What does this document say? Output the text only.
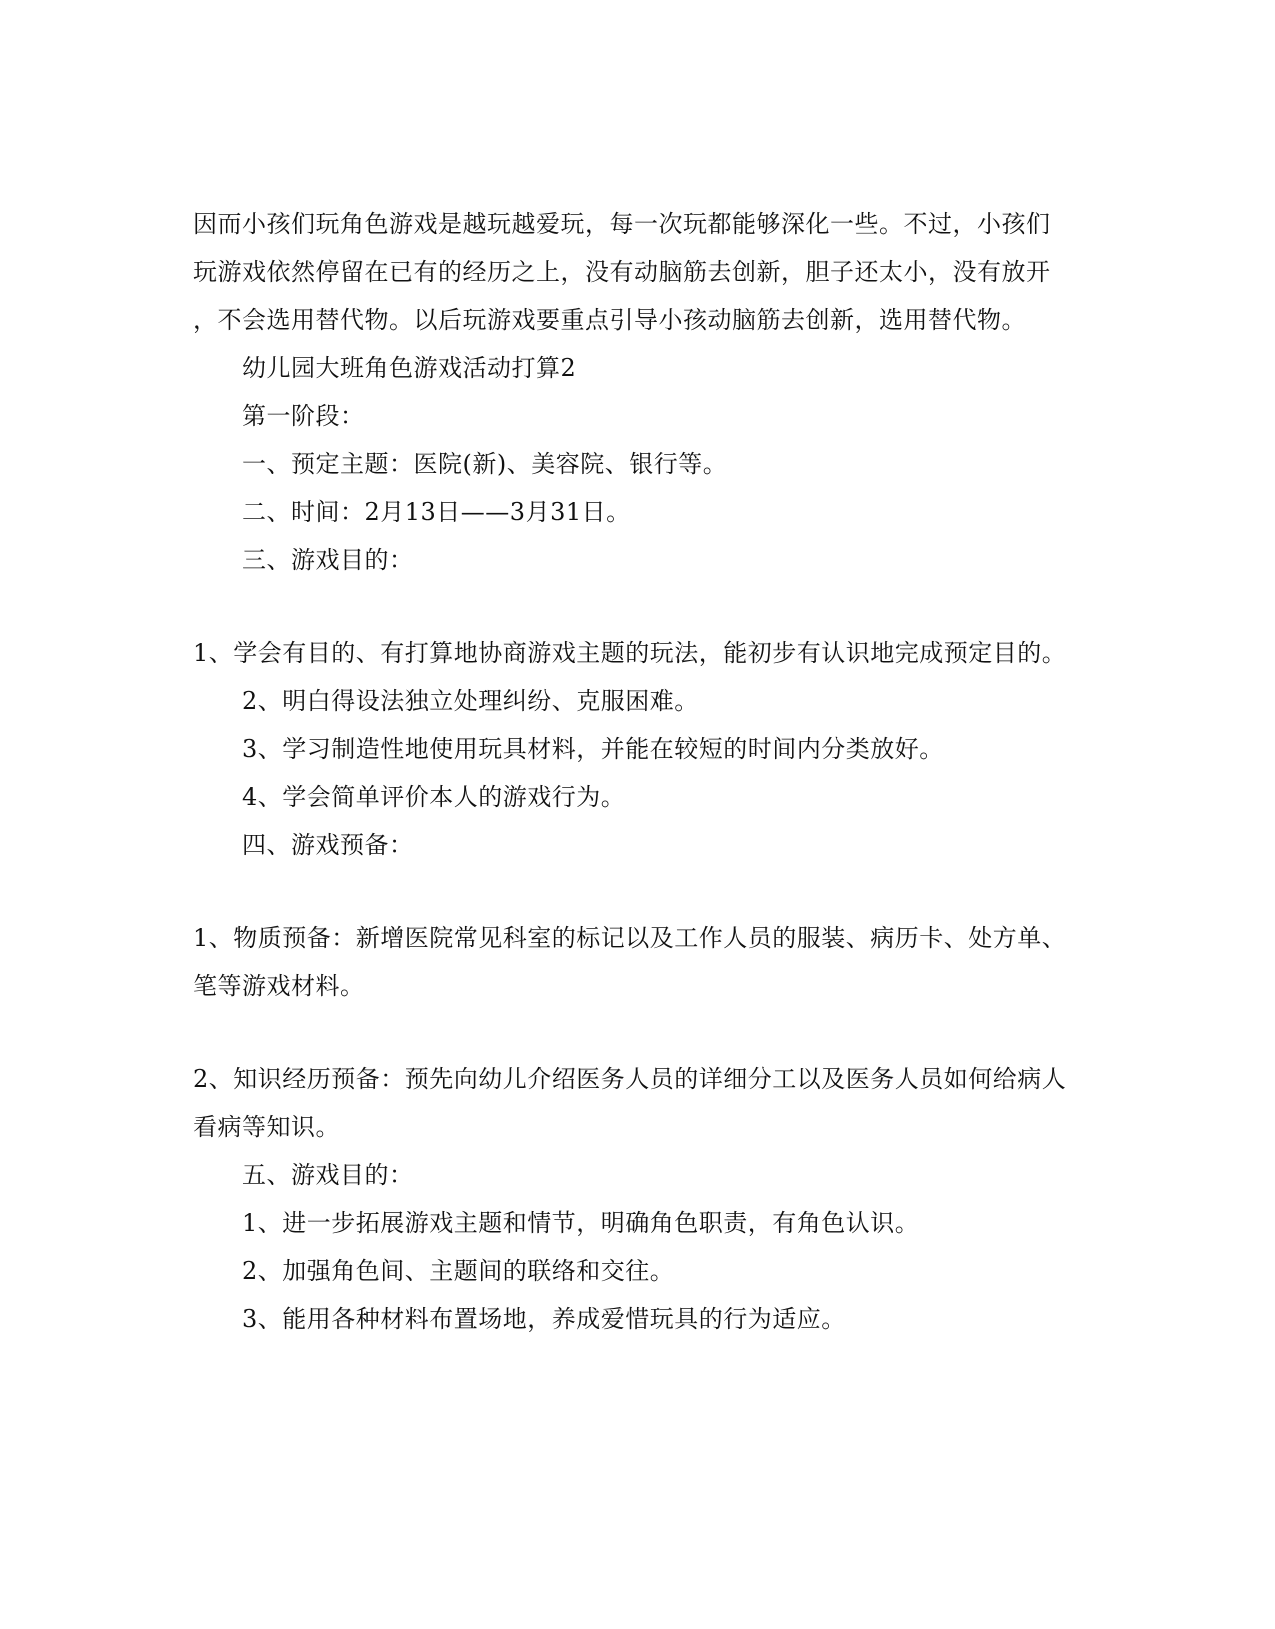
因而小孩们玩角色游戏是越玩越爱玩，每一次玩都能够深化一些。不过，小孩们
玩游戏依然停留在已有的经历之上，没有动脑筋去创新，胆子还太小，没有放开
，不会选用替代物。以后玩游戏要重点引导小孩动脑筋去创新，选用替代物。
幼儿园大班角色游戏活动打算2
第一阶段：
一、预定主题：医院(新)、美容院、银行等。
二、时间：2月13日——3月31日。
三、游戏目的：
1、学会有目的、有打算地协商游戏主题的玩法，能初步有认识地完成预定目的。
2、明白得设法独立处理纠纷、克服困难。
3、学习制造性地使用玩具材料，并能在较短的时间内分类放好。
4、学会简单评价本人的游戏行为。
四、游戏预备：
1、物质预备：新增医院常见科室的标记以及工作人员的服装、病历卡、处方单、
笔等游戏材料。
2、知识经历预备：预先向幼儿介绍医务人员的详细分工以及医务人员如何给病人
看病等知识。
五、游戏目的：
1、进一步拓展游戏主题和情节，明确角色职责，有角色认识。
2、加强角色间、主题间的联络和交往。
3、能用各种材料布置场地，养成爱惜玩具的行为适应。
